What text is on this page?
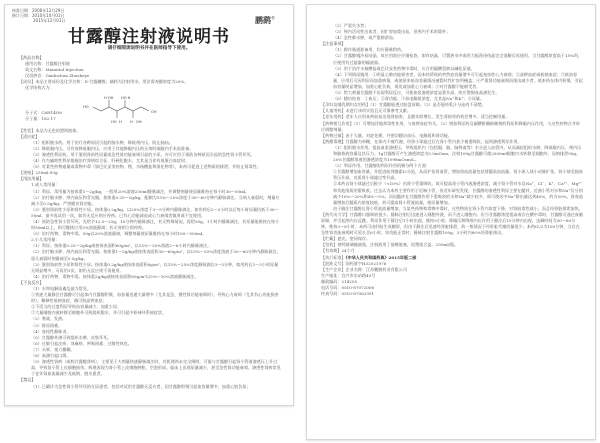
核准日期：2006年12月29日
修订日期：2010年10月01日
2015年12月01日	鹏鹞®
甘露醇注射液说明书
请仔细阅读说明书并在医师指导下使用。

【药品名称】

通用名称：甘露醇注射液

英文名称：Mannitol Injection

汉语拼音：Ganluchun Zhusheye

【成份】本品主要成份及化学名称：D-甘露糖醇。辅料为注射用水。用法需充醇浓度为20%。

化学结构式为：

HO
OH
H OH HO H
HO H H OH

分子式：C6H14O6

分子量：182.17

【性状】本品为无色的澄明液体。

【适应症】

（1）组织脱水药。用于治疗各种原因引起的脑水肿，降低颅内压，防止脑疝。

（2）降低眼内压。可有效降低眼内压，应用于其他降眼内压药无效时或眼内手术前准备。

（3）渗透性利尿药。用于鉴别肾前性因素或急性肾功能衰竭引起的少尿。亦可应用于预防各种原因引起的急性肾小管坏死。

（4）作为辅助性利尿措施治疗肾病综合征、肝硬化腹水，尤其是当伴有低蛋白血症时。

（5）对某些药物逾量或毒物中毒（如巴比妥类药物、锂、水杨酸盐和溴化物等），本药可促进上述物质的排泄，并防止肾毒性。

【规格】250ml:50g

【用法用量】

1.成人常用量：

（1）利尿。常用量为按体重1～2g/kg，一般用20%溶液250ml静脉滴注，并调整剂量使尿量维持在每小时30～50ml。

（2）治疗脑水肿、颅内高压和青光眼。按体重0.25～2g/kg，配制为15%～25%浓度于30～60分钟内静脉滴注。当病人衰弱时，剂量应减小至0.5g/kg。严密随访肾功能。

（3）鉴别肾前性少尿和肾性少尿。按体重0.2g/kg，以20%浓度于3～5分钟内静脉滴注，如用药后2～3小时以后每小时尿量仍低于30～50ml，最多再试用一次，如仍无反应则应停药。已有心功能减退或心力衰竭者慎用或不宜使用。

（4）预防急性肾小管坏死。先给予12.5～25g，10分钟内静脉滴注，若无特殊情况，再给50g，1小时内静脉滴注，若尿量能维持在每小时50ml以上，则可继续应用5%溶液静滴；若无效则立即停药。

（5）治疗药物、毒物中毒。50g以20%溶液静滴，调整剂量使尿量维持在每小时100～500ml。

2.小儿常用量：

（1）利尿。按体重0.25～2g/kg或按体表面积60g/m²，以15%～20%溶液2～6小时内静脉滴注。

（2）治疗脑水肿、颅内高压和青光眼。按体重1～2g/kg或按体表面积30～60g/m²，以15%～20%浓度溶液于30～60分钟内静脉滴注。患儿衰弱时剂量减至0.5g/kg。

（3）鉴别肾前性少尿和肾性少尿。按体重0.2g/kg或按体表面积6g/m²，以15%～25%浓度静脉滴注3～5分钟，如用药后2～3小时尿量无明显增多，可再用1次，如仍无反应则不再使用。

（4）治疗药物、毒物中毒。按体重2g/kg或按体表面积60g/m²以5%～10%溶液静脉滴注。

【不良反应】

（1）水和电解质紊乱最为常见。

①快速大量静注甘露醇可引起体内甘露醇积聚，血容量迅速大量增多（尤其是急、慢性肾功能衰竭时），导致心力衰竭（尤其有心功能损害时），稀释性低钠血症，偶可致高钾血症；

②不适当的过度利尿导致血容量减少，加重少尿；

③大量细胞内液转移至细胞外可致组织脱水，并可引起中枢神经系统症状。

（2）寒战、发热。

（3）排尿困难。

（4）血栓性静脉炎。

（5）甘露醇外渗可致组织水肿、皮肤坏死。

（6）过敏引起皮疹、荨麻疹、呼吸困难、过敏性休克。

（7）头晕、视力模糊。

（8）高渗引起口渴。

（9）渗透性肾病（或称甘露醇肾病），主要见于大剂量快速静脉滴注时。其机理尚未完全阐明，可能与甘露醇引起肾小管液渗透压上升过高，导致肾小管上皮细胞损伤。病理表现为肾小管上皮细胞肿胀，空泡形成。临床上出现尿量减少，甚至急性肾功能衰竭。渗透性肾病常见于老年肾血流量减少及低钠、脱水患者。

【禁忌】

（1）已确诊为急性肾小管坏死的无尿患者，包括对试用甘露醇无反应者，因甘露醇积聚引起血容量增多，加重心脏负担；

（2）严重失水者；

（3）颅内活动性出血者，因扩容加重出血，但颅内手术时除外；

（4）急性肺水肿，或严重肺淤血。

【注意事项】

（1）除作肠道准备用，均应静脉给药。

（2）甘露醇遇冷易结晶，故应用前应仔细检查，如有结晶，可置热水中或用力振荡待结晶完全溶解后再使用。当甘露醇浓度高于15%时，应使用有过滤器的输液器。

（3）用于治疗水杨酸盐或巴比妥类药物中毒时，应合用碳酸氢钠以碱化尿液。

（4）下列情况慎用：①明显心肺功能损害者，因本药所致的突然血容量增多可引起充血性心力衰竭；②高钾血症或低钠血症；③低血容量，应用后可因利尿而加重病情，或使原来低血容量情况被暂时性扩容所掩盖；④严重肾功能衰竭而排出减少者，使本药在体内积聚，引起血容量明显增加，加重心脏负荷，诱发或加重心力衰竭；⑤对甘露醇不能耐受者。

（5）给大剂量甘露醇不出现利尿反应，可使血浆渗透浓度显著升高，故应警惕血高渗发生。

（6）随访检查：①血压；②肾功能；③血电解质浓度，尤其是Na⁺和K⁺；④尿量。

【孕妇及哺乳期妇女用药】（1）甘露醇能透过胎盘屏障。（2）是否能经乳汁分泌尚不清楚。

【儿童用药】未进行该项实验且无可靠参考文献。

【老年用药】老年人应用本药较易出现肾损害，且随年龄增长，发生肾损害的机会增多。适当控制用量。

【药物相互作用】（1）可增加洋地黄毒性作用，与低钾血症有关。（2）增加利尿药及碳酸酐酶抑制剂的利尿和降眼内压作用，与这些药物合并时应调整剂量。

【药物过量】由于大量，对症处理，并密切随访血压、电解质和肾功能。

【药理毒理】甘露醇为单糖，在体内不被代谢，经肾小球滤过后在肾小管内甚少被重吸收，起到渗透利尿作用。

（1）组织脱水作用。提高血浆渗透压，导致组织内（包括眼、脑、脑脊液等）水分进入血管内，从而减轻组织水肿，降低眼内压、颅内压和脑脊液容量及其压力。1g甘露醇可产生渗透浓度为5.5mOsm，注射100g甘露醇可使2000ml细胞内水转移至细胞外，尿钠排泄50g。20%甘露醇溶液的渗透浓度为1098mOsm/L。

（2）利尿作用。甘露醇的利尿作用机制分两个方面：

①甘露醇增加血容量，并促进前列腺素I2分泌，从而扩张肾血管，增加肾血流量包括肾髓质血流量。肾小球入球小动脉扩张，肾小球毛细血管压升高，皮质肾小球滤过率升高。

②本药自肾小球滤过后极少（<10%）由肾小管重吸收，故可提高肾小管内液渗透浓度，减少肾小管对水及Na⁺、Cl⁻、K⁺、Ca²⁺、Mg²⁺和其他溶质的重吸收。过去认为本药主要作用于近端小管，但近年研究发现，甘露醇的渗透性利尿主要在髓袢，近曲小管对水和Na⁺仅分别减少10%～20%和4%～5%；而因髓袢在甘露醇作用下重吸收的水和Na⁺减少较多，即可使尿中Na⁺排出量达到40%，约为50%，肾血流量增加后髓质内浓度较低，故可提高肾小管液流量，使尿量增加。

由于输注甘露醇后肾小管液流量增加，当某些药物和毒物中毒时，这些物质在肾小管内浓度下降，对肾脏毒性减小，而且经肾脏排泄加快。

【药代动力学】甘露醇口服吸收很少。静脉注射后迅速进入细胞外液，而不进入细胞内。但当甘露醇浓度很高或存在酸中毒时，甘露醇可通过血脑屏障，并引起颅内压反跳。利尿作用于静注后1小时出现，维持3小时。降眼压和降颅内压作用于静注后15分钟内出现，达峰时间为30～60分钟，维持3～8小时。本药可由肝脏生成糖原，但由于静注后迅速经肾脏排泄，故一般情况下经肝脏代谢的量很少。本药t1/2为100分钟，当存在急性肾功能衰竭时可延长至6小时。肾功能正常时，静脉注射甘露醇100g，3小时内80%经肾脏排出。

【贮藏】遮光、密闭保存。

【包装】钠钙玻璃输液瓶，注射液用丁基橡胶塞，铝塑组合盖。250ml/瓶。

【有效期】24个月

【执行标准】《中华人民共和国药典》2015年版二部

【批准文号】国药准字H32021976

【生产企业】企业名称：江苏鹏鹞药业有限公司

生产地址：宜兴市东站路45号

邮政编码：214205

电话号码：0510-87072006

传真号码：0510-87062991
